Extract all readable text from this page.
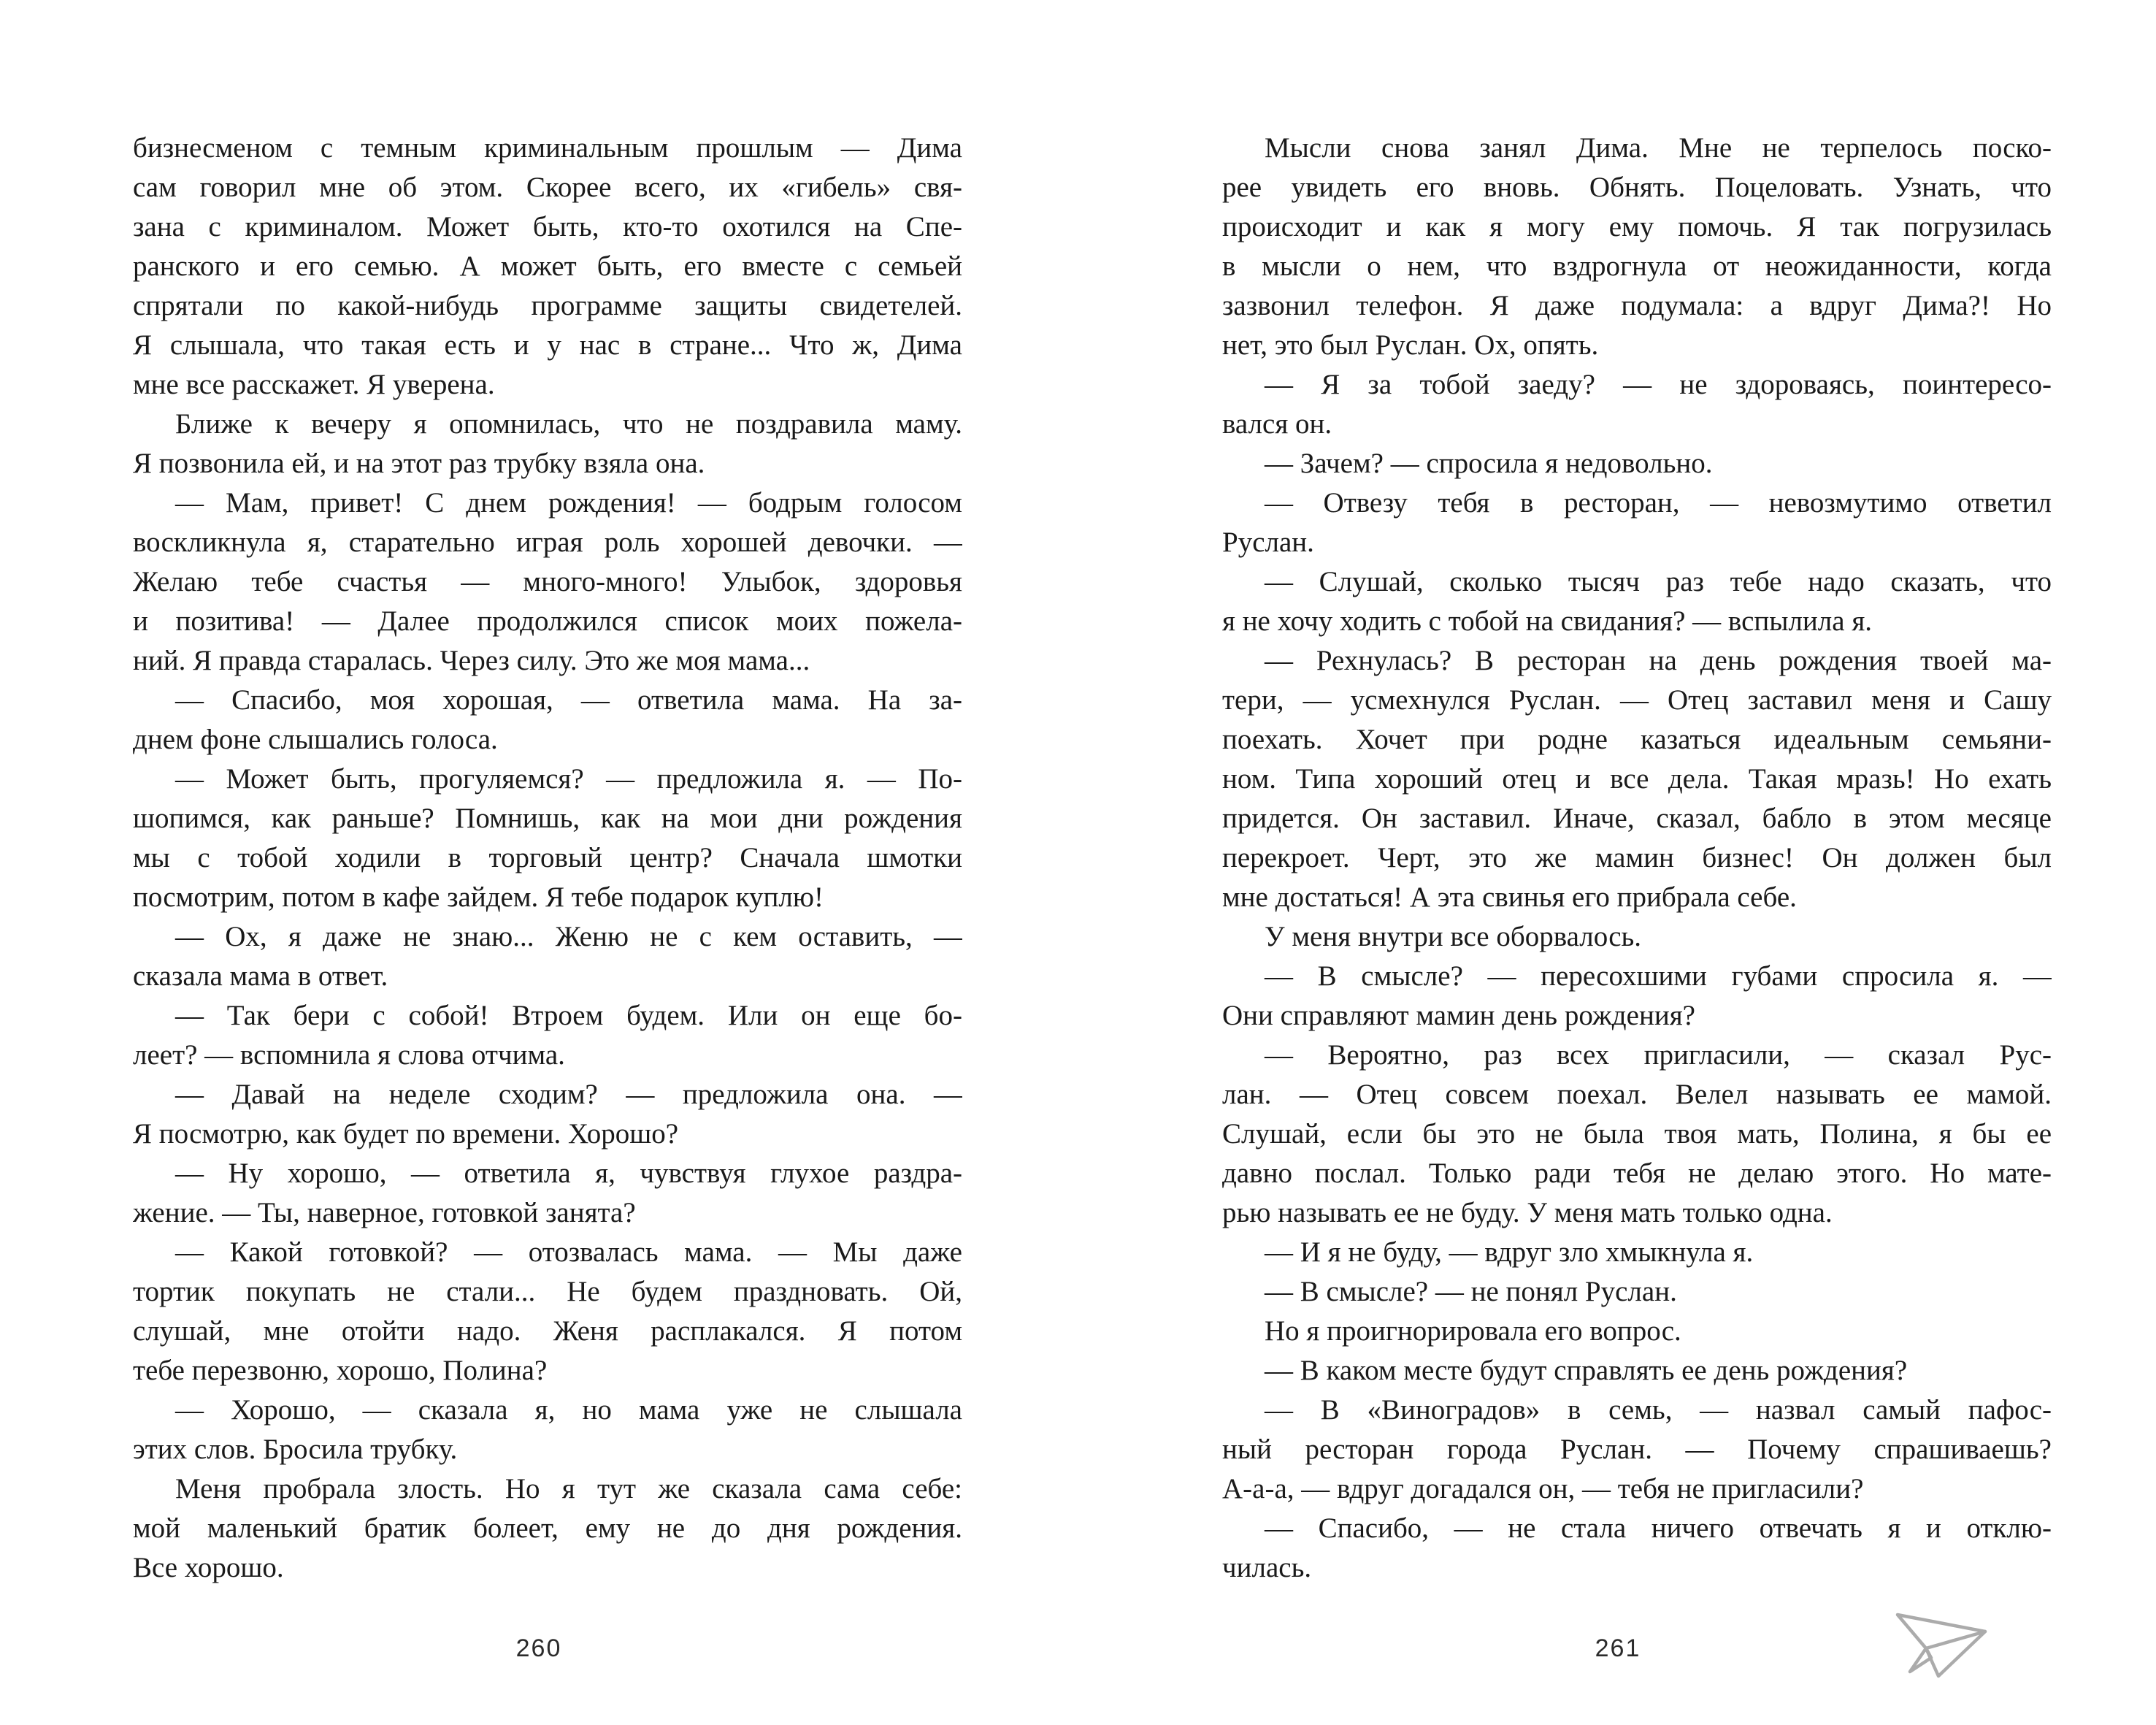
бизнесменом с темным криминальным прошлым — Дима
сам говорил мне об этом. Скорее всего, их «гибель» свя-
зана с криминалом. Может быть, кто-то охотился на Спе-
ранского и его семью. А может быть, его вместе с семьей
спрятали по какой-нибудь программе защиты свидетелей.
Я слышала, что такая есть и у нас в стране... Что ж, Дима
мне все расскажет. Я уверена.
Ближе к вечеру я опомнилась, что не поздравила маму.
Я позвонила ей, и на этот раз трубку взяла она.
— Мам, привет! С днем рождения! — бодрым голосом
воскликнула я, старательно играя роль хорошей девочки. —
Желаю тебе счастья — много-много! Улыбок, здоровья
и позитива! — Далее продолжился список моих пожела-
ний. Я правда старалась. Через силу. Это же моя мама...
— Спасибо, моя хорошая, — ответила мама. На за-
днем фоне слышались голоса.
— Может быть, прогуляемся? — предложила я. — По-
шопимся, как раньше? Помнишь, как на мои дни рождения
мы с тобой ходили в торговый центр? Сначала шмотки
посмотрим, потом в кафе зайдем. Я тебе подарок куплю!
— Ох, я даже не знаю... Женю не с кем оставить, —
сказала мама в ответ.
— Так бери с собой! Втроем будем. Или он еще бо-
леет? — вспомнила я слова отчима.
— Давай на неделе сходим? — предложила она. —
Я посмотрю, как будет по времени. Хорошо?
— Ну хорошо, — ответила я, чувствуя глухое раздра-
жение. — Ты, наверное, готовкой занята?
— Какой готовкой? — отозвалась мама. — Мы даже
тортик покупать не стали... Не будем праздновать. Ой,
слушай, мне отойти надо. Женя расплакался. Я потом
тебе перезвоню, хорошо, Полина?
— Хорошо, — сказала я, но мама уже не слышала
этих слов. Бросила трубку.
Меня пробрала злость. Но я тут же сказала сама себе:
мой маленький братик болеет, ему не до дня рождения.
Все хорошо.
Мысли снова занял Дима. Мне не терпелось поско-
рее увидеть его вновь. Обнять. Поцеловать. Узнать, что
происходит и как я могу ему помочь. Я так погрузилась
в мысли о нем, что вздрогнула от неожиданности, когда
зазвонил телефон. Я даже подумала: а вдруг Дима?! Но
нет, это был Руслан. Ох, опять.
— Я за тобой заеду? — не здороваясь, поинтересо-
вался он.
— Зачем? — спросила я недовольно.
— Отвезу тебя в ресторан, — невозмутимо ответил
Руслан.
— Слушай, сколько тысяч раз тебе надо сказать, что
я не хочу ходить с тобой на свидания? — вспылила я.
— Рехнулась? В ресторан на день рождения твоей ма-
тери, — усмехнулся Руслан. — Отец заставил меня и Сашу
поехать. Хочет при родне казаться идеальным семьяни-
ном. Типа хороший отец и все дела. Такая мразь! Но ехать
придется. Он заставил. Иначе, сказал, бабло в этом месяце
перекроет. Черт, это же мамин бизнес! Он должен был
мне достаться! А эта свинья его прибрала себе.
У меня внутри все оборвалось.
— В смысле? — пересохшими губами спросила я. —
Они справляют мамин день рождения?
— Вероятно, раз всех пригласили, — сказал Рус-
лан. — Отец совсем поехал. Велел называть ее мамой.
Слушай, если бы это не была твоя мать, Полина, я бы ее
давно послал. Только ради тебя не делаю этого. Но мате-
рью называть ее не буду. У меня мать только одна.
— И я не буду, — вдруг зло хмыкнула я.
— В смысле? — не понял Руслан.
Но я проигнорировала его вопрос.
— В каком месте будут справлять ее день рождения?
— В «Виноградов» в семь, — назвал самый пафос-
ный ресторан города Руслан. — Почему спрашиваешь?
А-а-а, — вдруг догадался он, — тебя не пригласили?
— Спасибо, — не стала ничего отвечать я и отклю-
чилась.
260	261
